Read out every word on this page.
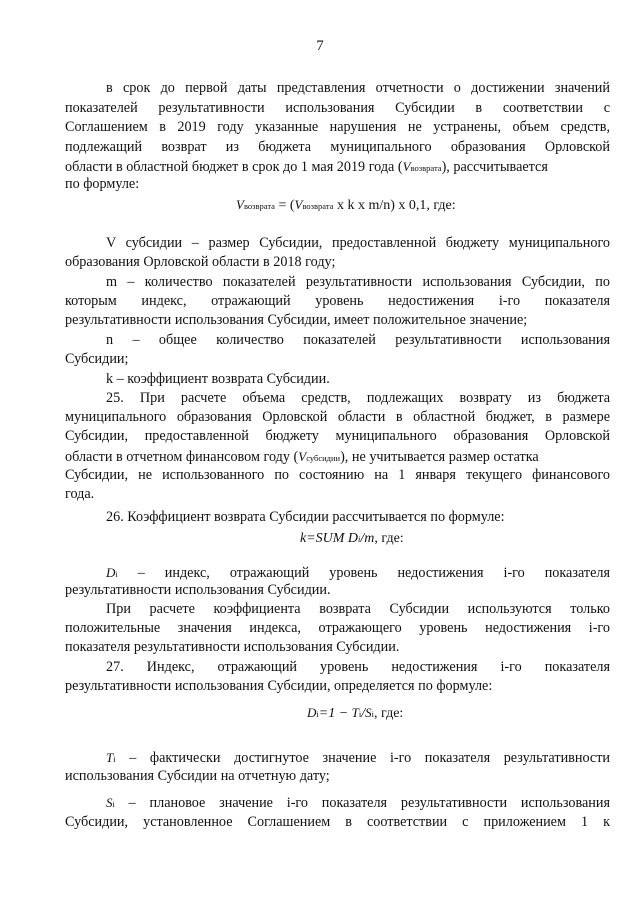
7
в срок до первой даты представления отчетности о достижении значений
показателей результативности использования Субсидии в соответствии с
Соглашением в 2019 году указанные нарушения не устранены, объем средств,
подлежащий возврат из бюджета муниципального образования Орловской
области в областной бюджет в срок до 1 мая 2019 года (Vвозврата), рассчитывается
по формуле:
Vвозврата = (Vвозврата x k x m/n) x 0,1, где:
V субсидии – размер Субсидии, предоставленной бюджету муниципального
образования Орловской области в 2018 году;
m – количество показателей результативности использования Субсидии, по
которым индекс, отражающий уровень недостижения i-го показателя
результативности использования Субсидии, имеет положительное значение;
n – общее количество показателей результативности использования
Субсидии;
k – коэффициент возврата Субсидии.
25. При расчете объема средств, подлежащих возврату из бюджета
муниципального образования Орловской области в областной бюджет, в размере
Субсидии, предоставленной бюджету муниципального образования Орловской
области в отчетном финансовом году (Vсубсидии), не учитывается размер остатка
Субсидии, не использованного по состоянию на 1 января текущего финансового
года.
26. Коэффициент возврата Субсидии рассчитывается по формуле:
k=SUM Di/m, где:
Di – индекс, отражающий уровень недостижения i-го показателя
результативности использования Субсидии.
При расчете коэффициента возврата Субсидии используются только
положительные значения индекса, отражающего уровень недостижения i-го
показателя результативности использования Субсидии.
27. Индекс, отражающий уровень недостижения i-го показателя
результативности использования Субсидии, определяется по формуле:
Di=1 − Ti/Si, где:
Ti – фактически достигнутое значение i-го показателя результативности
использования Субсидии на отчетную дату;
Si – плановое значение i-го показателя результативности использования
Субсидии, установленное Соглашением в соответствии с приложением 1 к
